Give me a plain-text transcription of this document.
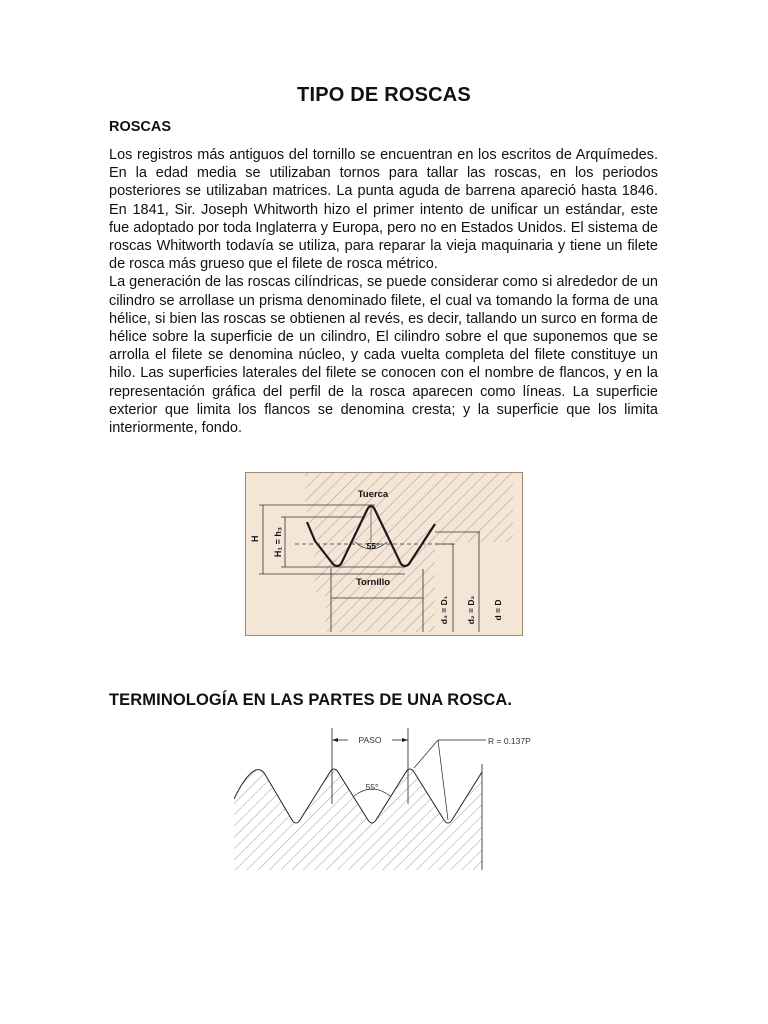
TIPO DE ROSCAS
ROSCAS

Los registros más antiguos del tornillo se encuentran en los escritos de Arquímedes. En la edad media se utilizaban tornos para tallar las roscas, en los periodos posteriores se utilizaban matrices. La punta aguda de barrena apareció hasta 1846. En 1841, Sir. Joseph Whitworth hizo el primer intento de unificar un estándar, este fue adoptado por toda Inglaterra y Europa, pero no en Estados Unidos. El sistema de roscas Whitworth todavía se utiliza, para reparar la vieja maquinaria y tiene un filete de rosca más grueso que el filete de rosca métrico.

La generación de las roscas cilíndricas, se puede considerar como si alrededor de un cilindro se arrollase un prisma denominado filete, el cual va tomando la forma de una hélice, si bien las roscas se obtienen al revés, es decir, tallando un surco en forma de hélice sobre la superficie de un cilindro, El cilindro sobre el que suponemos que se arrolla el filete se denomina núcleo, y cada vuelta completa del filete constituye un hilo. Las superficies laterales del filete se conocen con el nombre de flancos, y en la representación gráfica del perfil de la rosca aparecen como líneas. La superficie exterior que limita los flancos se denomina cresta; y la superficie que los limita interiormente, fondo.

Tuerca
Tornillo
55°
H H₁ = h₃
d₃ = D₁ d₂ = D₂ d = D
TERMINOLOGÍA EN LAS PARTES DE UNA ROSCA.
PASO
55°
R = 0.137P
